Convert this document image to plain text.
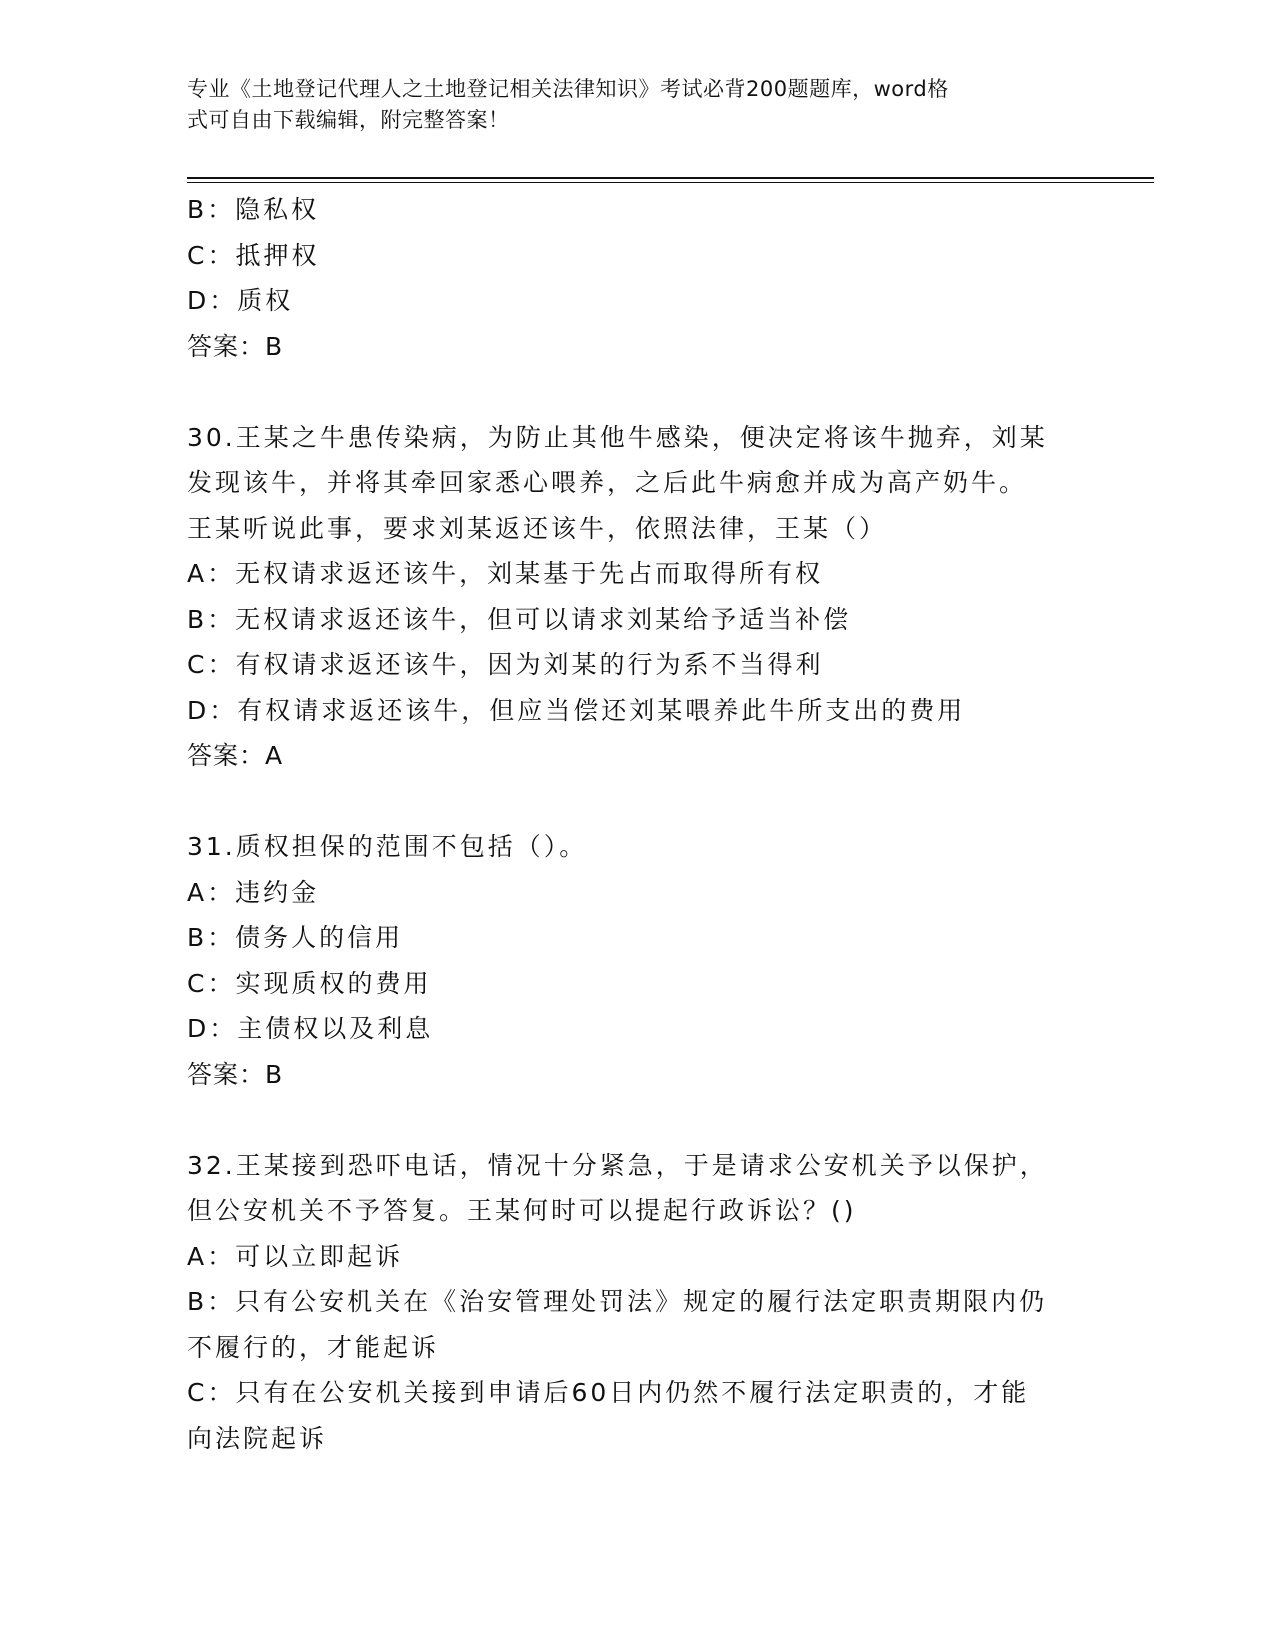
专业《土地登记代理人之土地登记相关法律知识》考试必背200题题库，word格
式可自由下载编辑，附完整答案！
B：隐私权
C：抵押权
D：质权
答案：B
30.王某之牛患传染病，为防止其他牛感染，便决定将该牛抛弃，刘某
发现该牛，并将其牵回家悉心喂养，之后此牛病愈并成为高产奶牛。
王某听说此事，要求刘某返还该牛，依照法律，王某（）
A：无权请求返还该牛，刘某基于先占而取得所有权
B：无权请求返还该牛，但可以请求刘某给予适当补偿
C：有权请求返还该牛，因为刘某的行为系不当得利
D：有权请求返还该牛，但应当偿还刘某喂养此牛所支出的费用
答案：A
31.质权担保的范围不包括（）。
A：违约金
B：债务人的信用
C：实现质权的费用
D：主债权以及利息
答案：B
32.王某接到恐吓电话，情况十分紧急，于是请求公安机关予以保护，
但公安机关不予答复。王某何时可以提起行政诉讼？()
A：可以立即起诉
B：只有公安机关在《治安管理处罚法》规定的履行法定职责期限内仍
不履行的，才能起诉
C：只有在公安机关接到申请后60日内仍然不履行法定职责的，才能
向法院起诉
